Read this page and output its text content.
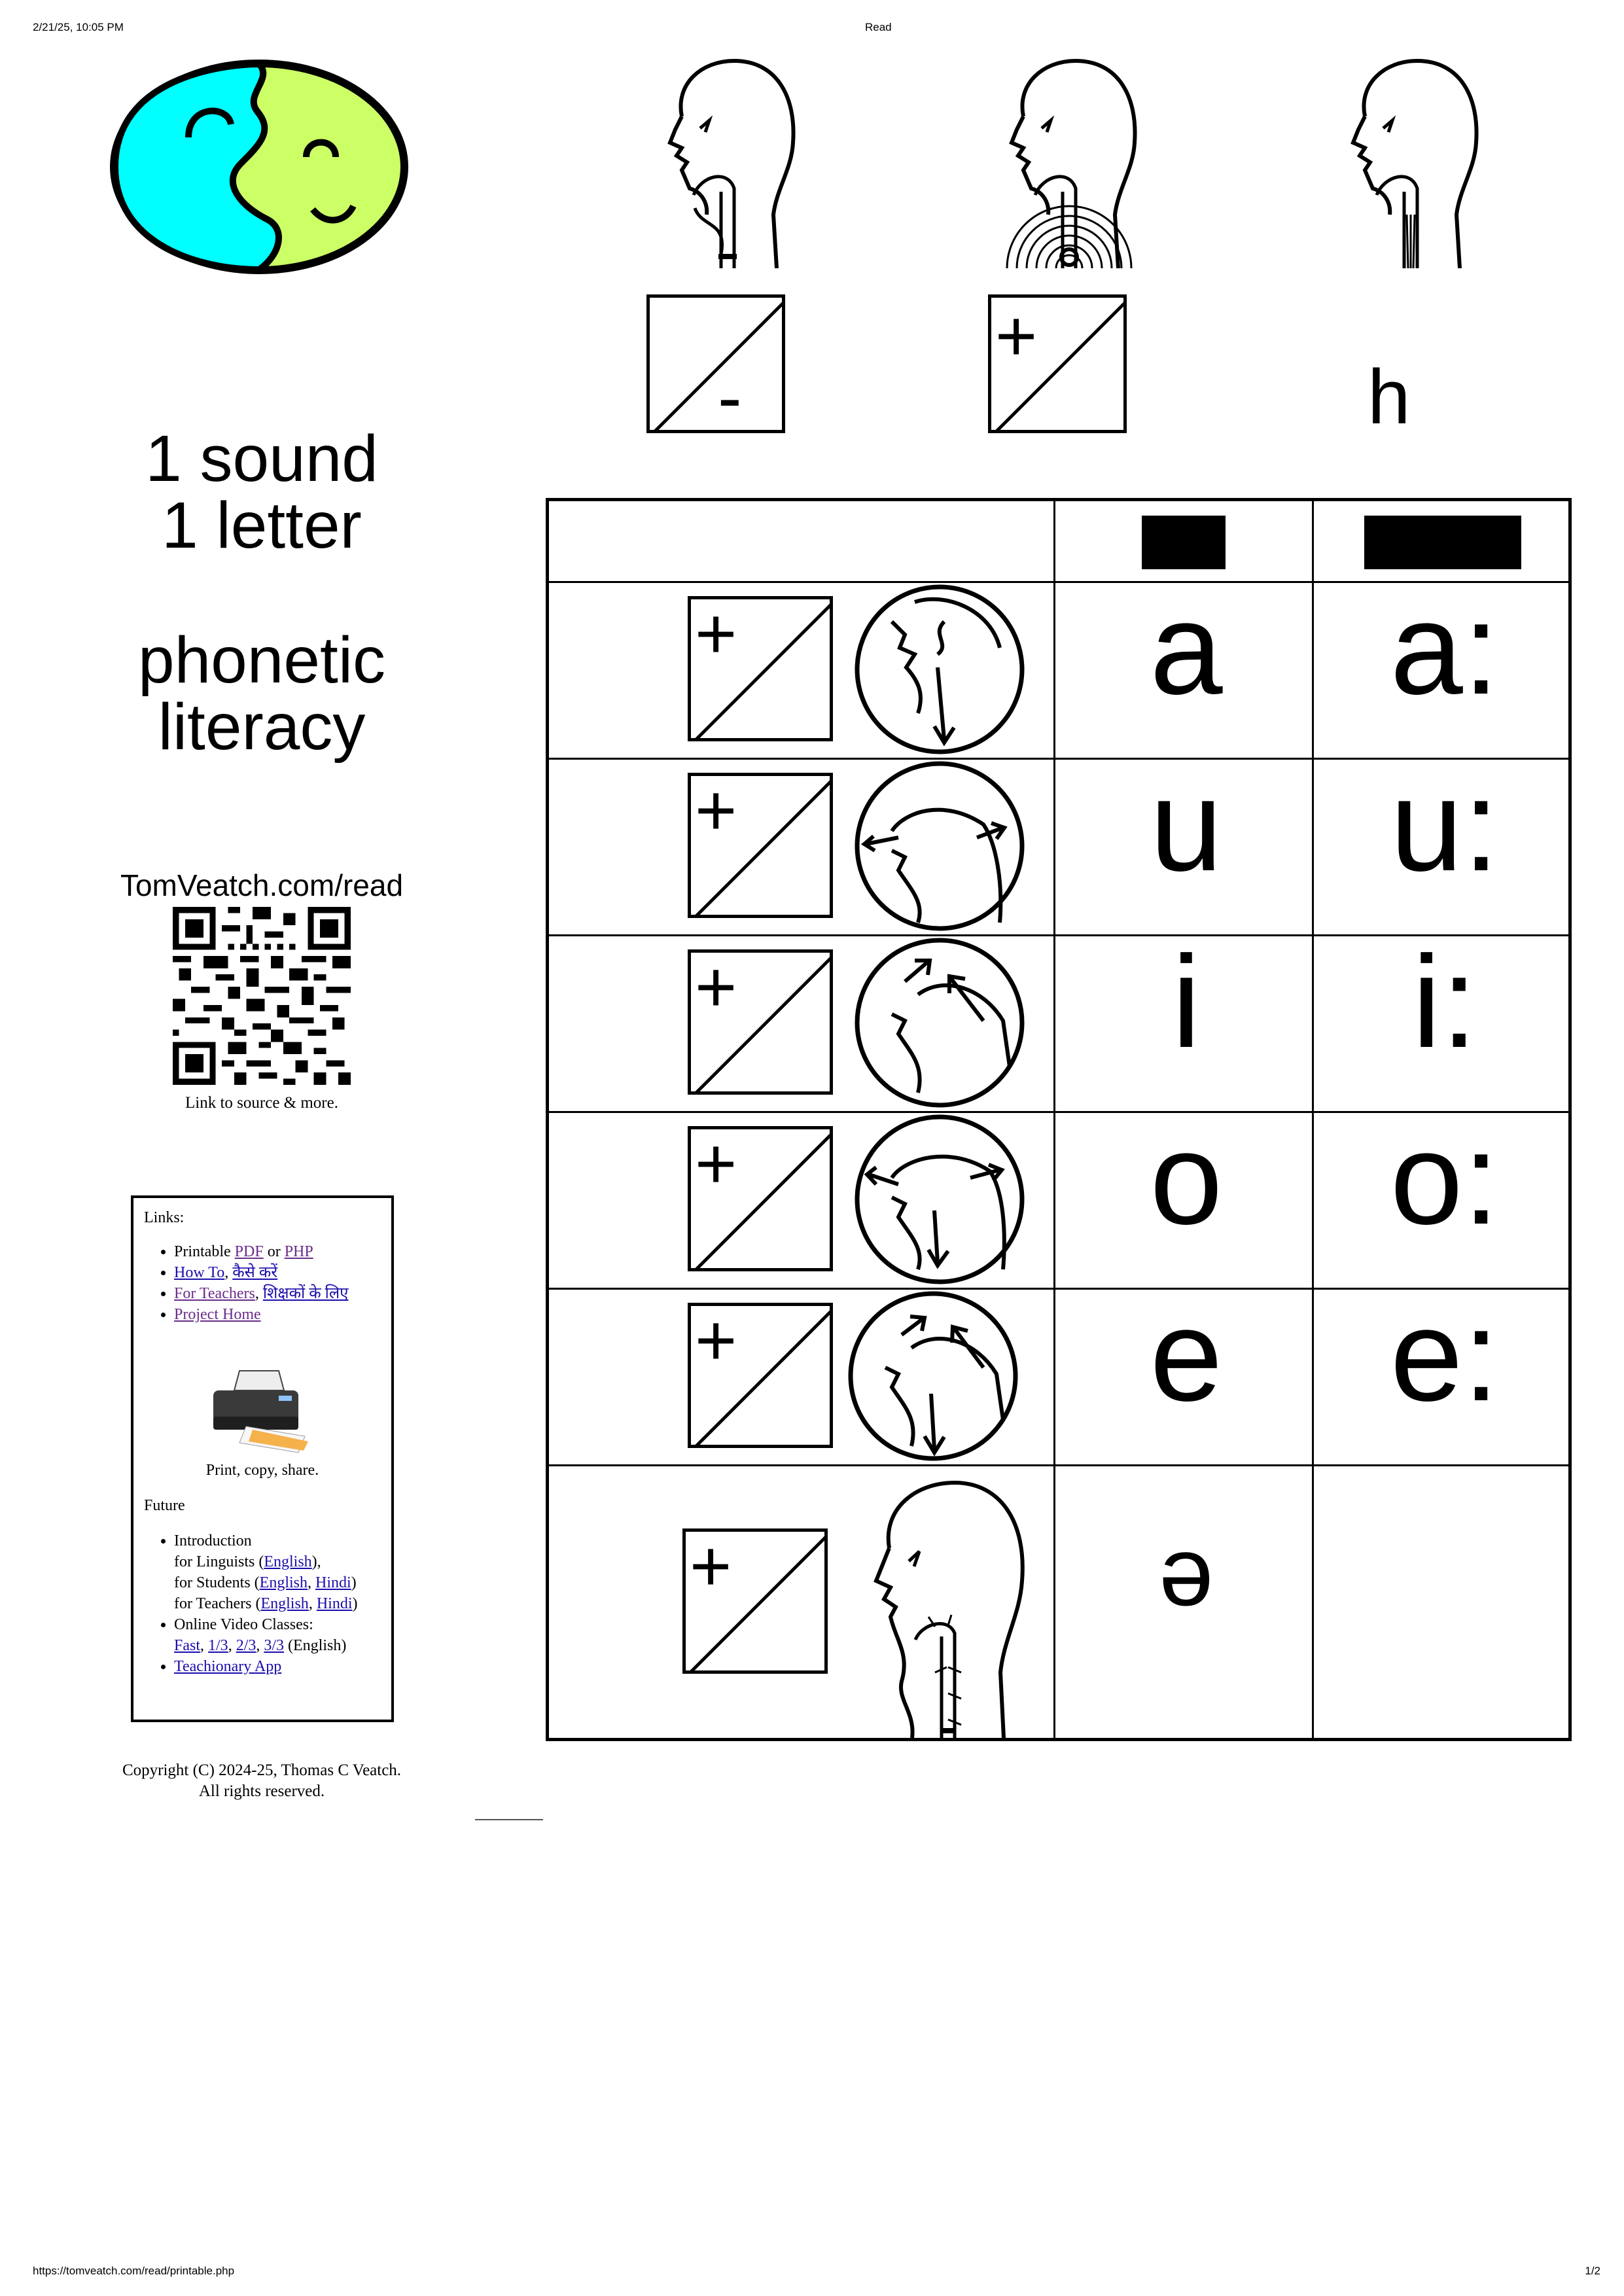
2/21/25, 10:05 PM	Read
https://tomveatch.com/read/printable.php	1/2
1 sound
1 letter
phonetic
literacy
TomVeatch.com/read
Link to source & more.
Links:
• Printable PDF or PHP
• How To, कैसे करें
• For Teachers, शिक्षकों के लिए
• Project Home
Print, copy, share.
Future
• Introduction
for Linguists (English),
for Students (English, Hindi)
for Teachers (English, Hindi)
• Online Video Classes:
Fast, 1/3, 2/3, 3/3 (English)
• Teachionary App
Copyright (C) 2024-25, Thomas C Veatch.
All rights reserved.
-
+
h
+	a	a:
+	u	u:
+	i	i:
+	o	o:
+	e	e:
+	ə
